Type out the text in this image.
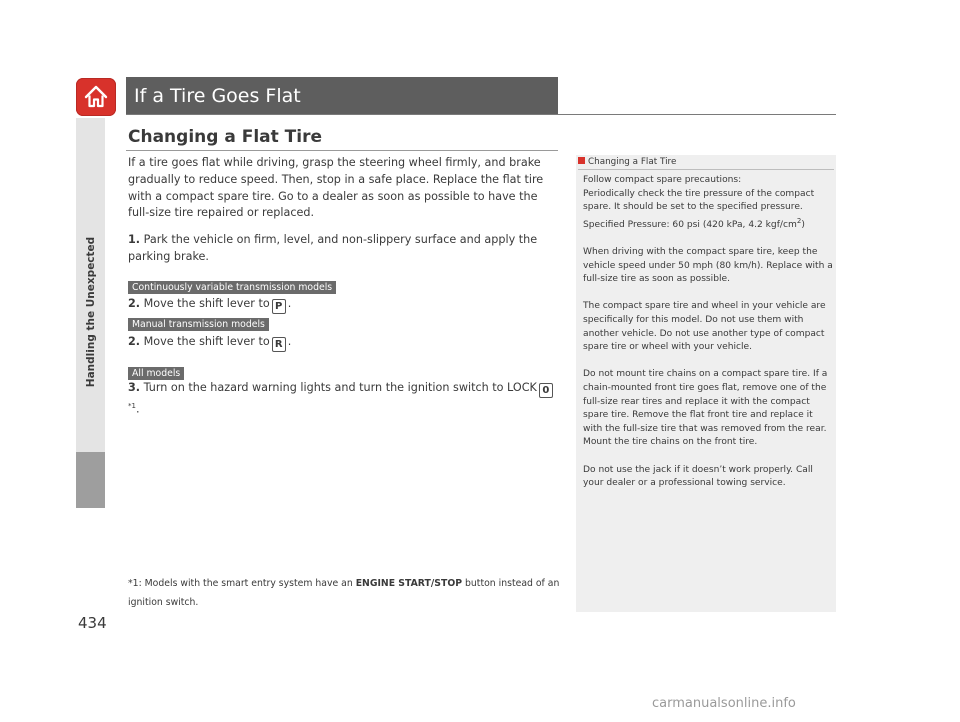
Handling the Unexpected
434
If a Tire Goes Flat
Changing a Flat Tire
If a tire goes flat while driving, grasp the steering wheel firmly, and brake gradually to reduce speed. Then, stop in a safe place. Replace the flat tire with a compact spare tire. Go to a dealer as soon as possible to have the full-size tire repaired or replaced.
1. Park the vehicle on firm, level, and non-slippery surface and apply the parking brake.
Continuously variable transmission models
2. Move the shift lever to P .
Manual transmission models
2. Move the shift lever to R .
All models
3. Turn on the hazard warning lights and turn the ignition switch to LOCK 0$^{*1}$.
*1: Models with the smart entry system have an ENGINE START/STOP button instead of an ignition switch.
Changing a Flat Tire

Follow compact spare precautions:
Periodically check the tire pressure of the compact spare. It should be set to the specified pressure.
Specified Pressure: 60 psi (420 kPa, 4.2 kgf/$cm^2$)

When driving with the compact spare tire, keep the vehicle speed under 50 mph (80 km/h). Replace with a full-size tire as soon as possible.

The compact spare tire and wheel in your vehicle are specifically for this model. Do not use them with another vehicle. Do not use another type of compact spare tire or wheel with your vehicle.

Do not mount tire chains on a compact spare tire. If a chain-mounted front tire goes flat, remove one of the full-size rear tires and replace it with the compact spare tire. Remove the flat front tire and replace it with the full-size tire that was removed from the rear. Mount the tire chains on the front tire.

Do not use the jack if it doesn’t work properly. Call your dealer or a professional towing service.

carmanualsonline.info
